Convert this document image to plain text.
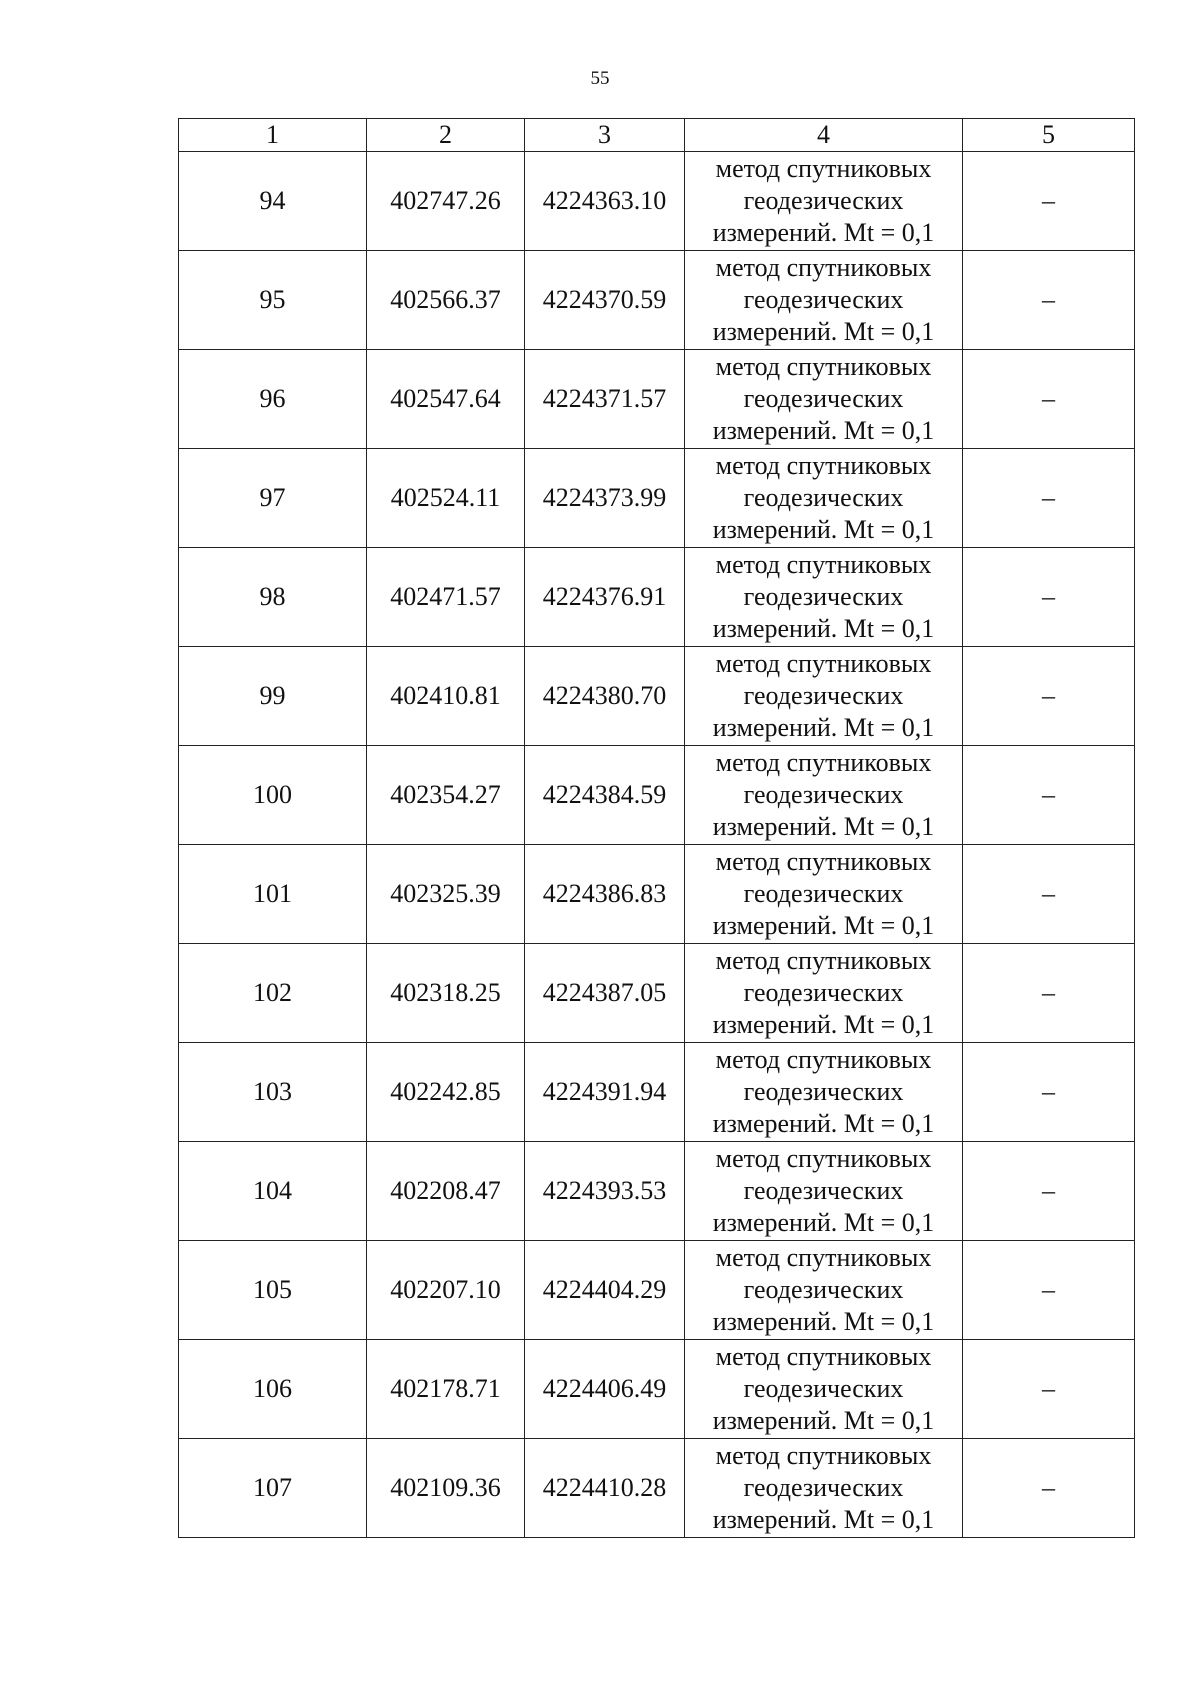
55
1	2	3	4	5
94	402747.26	4224363.10	метод спутниковых
геодезических
измерений. Mt = 0,1	–
95	402566.37	4224370.59	метод спутниковых
геодезических
измерений. Mt = 0,1	–
96	402547.64	4224371.57	метод спутниковых
геодезических
измерений. Mt = 0,1	–
97	402524.11	4224373.99	метод спутниковых
геодезических
измерений. Mt = 0,1	–
98	402471.57	4224376.91	метод спутниковых
геодезических
измерений. Mt = 0,1	–
99	402410.81	4224380.70	метод спутниковых
геодезических
измерений. Mt = 0,1	–
100	402354.27	4224384.59	метод спутниковых
геодезических
измерений. Mt = 0,1	–
101	402325.39	4224386.83	метод спутниковых
геодезических
измерений. Mt = 0,1	–
102	402318.25	4224387.05	метод спутниковых
геодезических
измерений. Mt = 0,1	–
103	402242.85	4224391.94	метод спутниковых
геодезических
измерений. Mt = 0,1	–
104	402208.47	4224393.53	метод спутниковых
геодезических
измерений. Mt = 0,1	–
105	402207.10	4224404.29	метод спутниковых
геодезических
измерений. Mt = 0,1	–
106	402178.71	4224406.49	метод спутниковых
геодезических
измерений. Mt = 0,1	–
107	402109.36	4224410.28	метод спутниковых
геодезических
измерений. Mt = 0,1	–
